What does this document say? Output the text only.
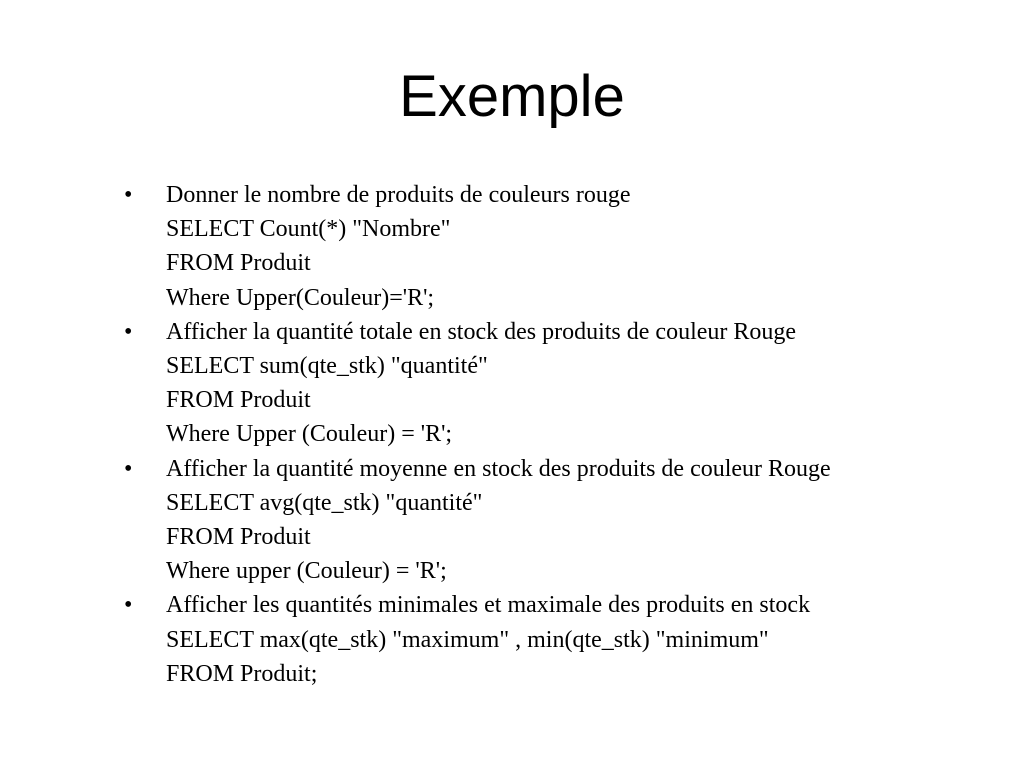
Exemple
•	Donner le nombre de produits de couleurs rouge
SELECT Count(*) "Nombre"
FROM Produit
Where Upper(Couleur)='R';
•	Afficher la quantité totale en stock des produits de couleur Rouge
SELECT sum(qte_stk) "quantité"
FROM Produit
Where Upper (Couleur) = 'R';
•	Afficher la quantité moyenne en stock des produits de couleur Rouge
SELECT avg(qte_stk) "quantité"
FROM Produit
Where upper (Couleur) = 'R';
•	Afficher les quantités minimales et maximale des produits en stock
SELECT max(qte_stk) "maximum" , min(qte_stk) "minimum"
FROM Produit;
